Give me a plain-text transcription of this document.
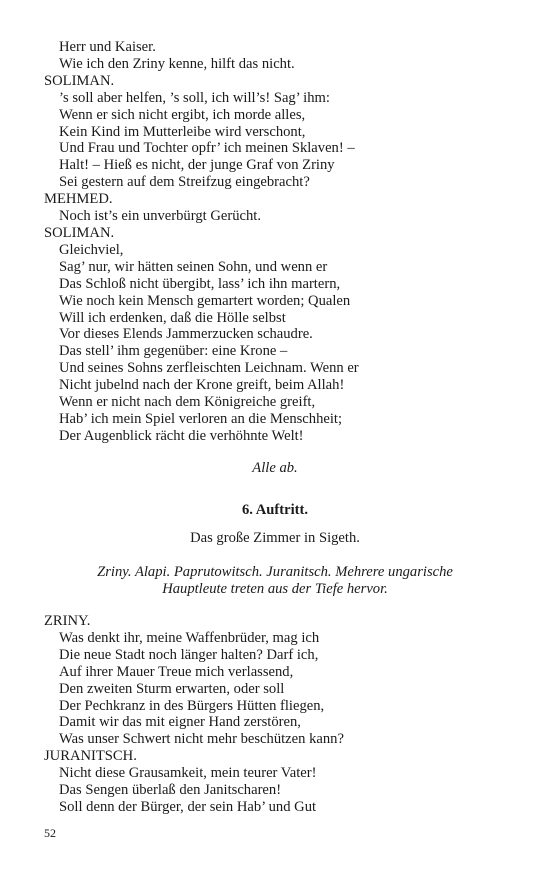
Herr und Kaiser.
Wie ich den Zriny kenne, hilft das nicht.
SOLIMAN.
’s soll aber helfen, ’s soll, ich will’s! Sag’ ihm:
Wenn er sich nicht ergibt, ich morde alles,
Kein Kind im Mutterleibe wird verschont,
Und Frau und Tochter opfr’ ich meinen Sklaven! –
Halt! – Hieß es nicht, der junge Graf von Zriny
Sei gestern auf dem Streifzug eingebracht?
MEHMED.
Noch ist’s ein unverbürgt Gerücht.
SOLIMAN.
Gleichviel,
Sag’ nur, wir hätten seinen Sohn, und wenn er
Das Schloß nicht übergibt, lass’ ich ihn martern,
Wie noch kein Mensch gemartert worden; Qualen
Will ich erdenken, daß die Hölle selbst
Vor dieses Elends Jammerzucken schaudre.
Das stell’ ihm gegenüber: eine Krone –
Und seines Sohns zerfleischten Leichnam. Wenn er
Nicht jubelnd nach der Krone greift, beim Allah!
Wenn er nicht nach dem Königreiche greift,
Hab’ ich mein Spiel verloren an die Menschheit;
Der Augenblick rächt die verhöhnte Welt!
Alle ab.
6. Auftritt.
Das große Zimmer in Sigeth.
Zriny. Alapi. Paprutowitsch. Juranitsch. Mehrere ungarische
Hauptleute treten aus der Tiefe hervor.
ZRINY.
Was denkt ihr, meine Waffenbrüder, mag ich
Die neue Stadt noch länger halten? Darf ich,
Auf ihrer Mauer Treue mich verlassend,
Den zweiten Sturm erwarten, oder soll
Der Pechkranz in des Bürgers Hütten fliegen,
Damit wir das mit eigner Hand zerstören,
Was unser Schwert nicht mehr beschützen kann?
JURANITSCH.
Nicht diese Grausamkeit, mein teurer Vater!
Das Sengen überlaß den Janitscharen!
Soll denn der Bürger, der sein Hab’ und Gut
52
